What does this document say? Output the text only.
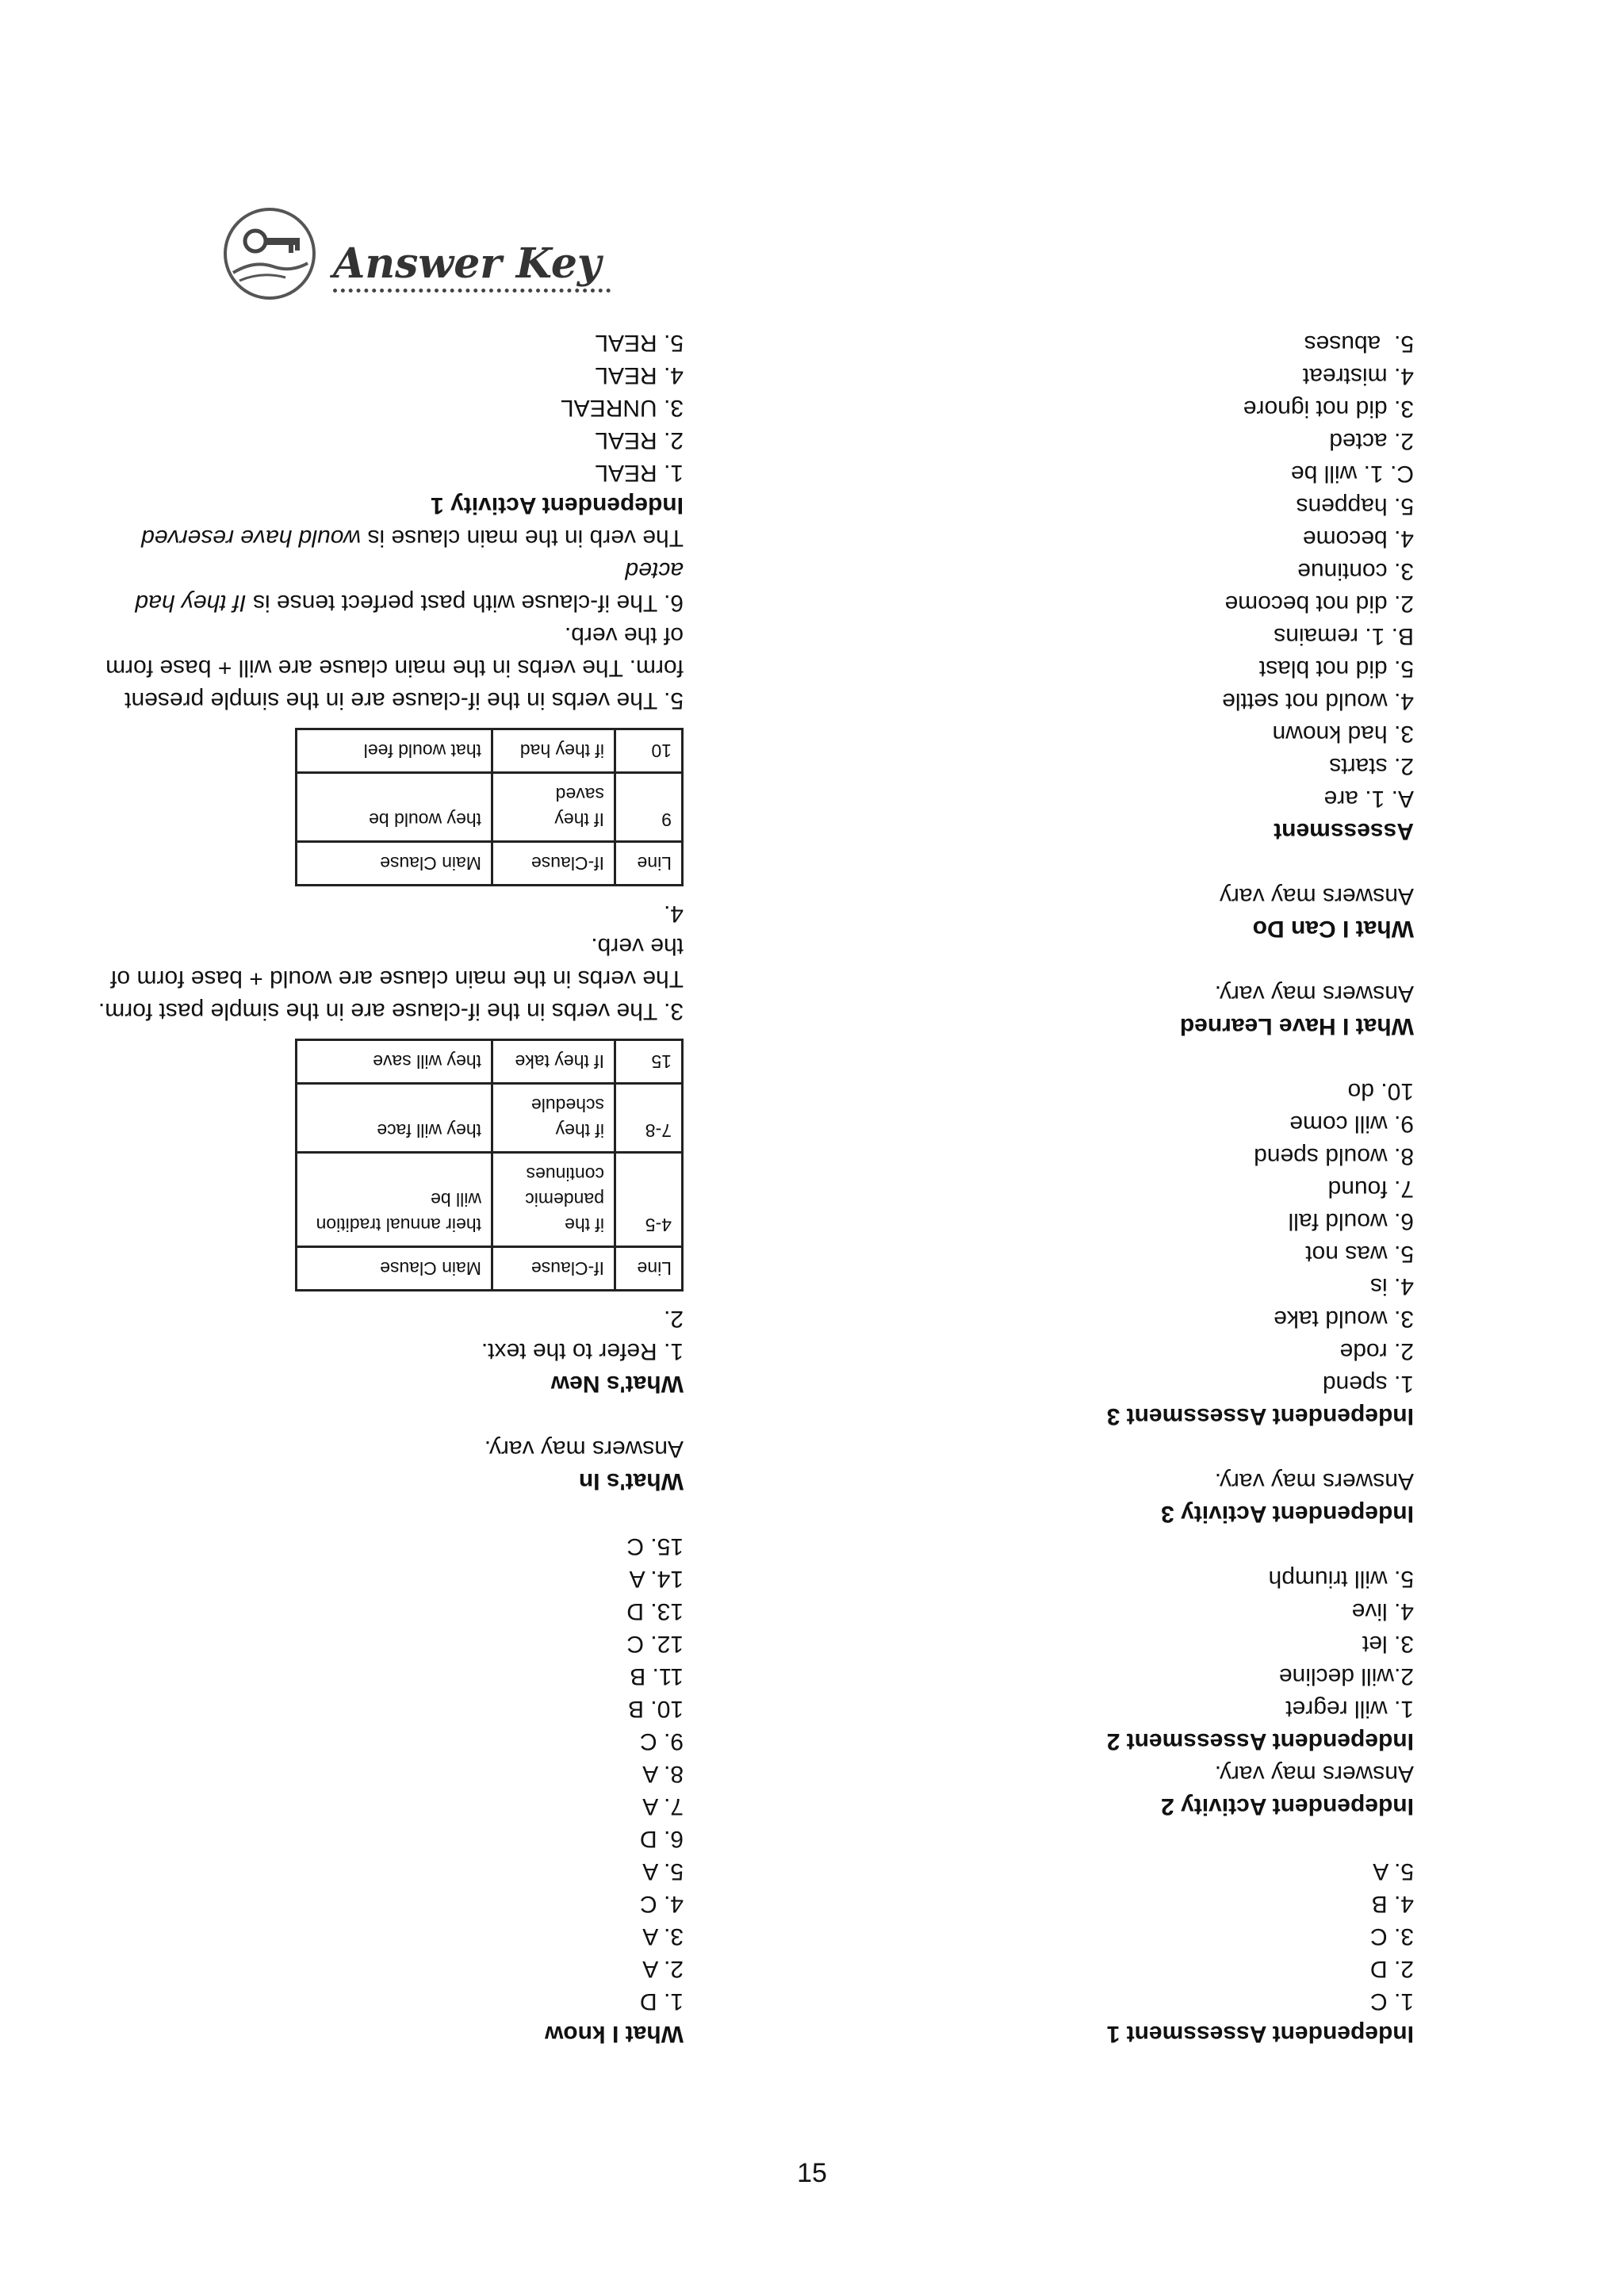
What I know

1. D

2. A

3. A

4. C

5. A

6. D

7. A

8. A

9. C

10. B

11. B

12. C

13. D

14. A

15. C

What's In

Answers may vary.

What's New

1. Refer to the text.

2.

Line	If-Clause	Main Clause
4-5	if the pandemic continues	their annual tradition will be
7-8	if they schedule	they will face
15	If they take	they will save

3. The verbs in the if-clause are in the simple past form. The verbs in the main clause are would + base form of the verb.

4.

Line	If-Clause	Main Clause
9	If they saved	they would be
10	if they had	that would feel

5. The verbs in the if-clause are in the simple present form. The verbs in the main clause are will + base form of the verb.

6. The if-clause with past perfect tense is If they had acted

The verb in the main clause is would have reserved

Independent Activity 1

1. REAL

2. REAL

3. UNREAL

4. REAL

5. REAL

Independent Assessment 1

1. C

2. D

3. C

4. B

5. A

Independent Activity 2

Answers may vary.

Independent Assessment 2

1. will regret

2.will decline

3. let

4. live

5. will triumph

Independent Activity 3

Answers may vary.

Independent Assessment 3

1. spend

2. rode

3. would take

4. is

5. was not

6. would fall

7. found

8. would spend

9. will come

10. do

What I Have Learned

Answers may vary.

What I Can Do

Answers may vary

Assessment

A. 1. are

2. starts

3. had known

4. would not settle

5. did not blast

B. 1. remains

2. did not become

3. continue

4. become

5. happens

C. 1. will be

2. acted

3. did not ignore

4. mistreat

5.  abuses

Answer Key
15
